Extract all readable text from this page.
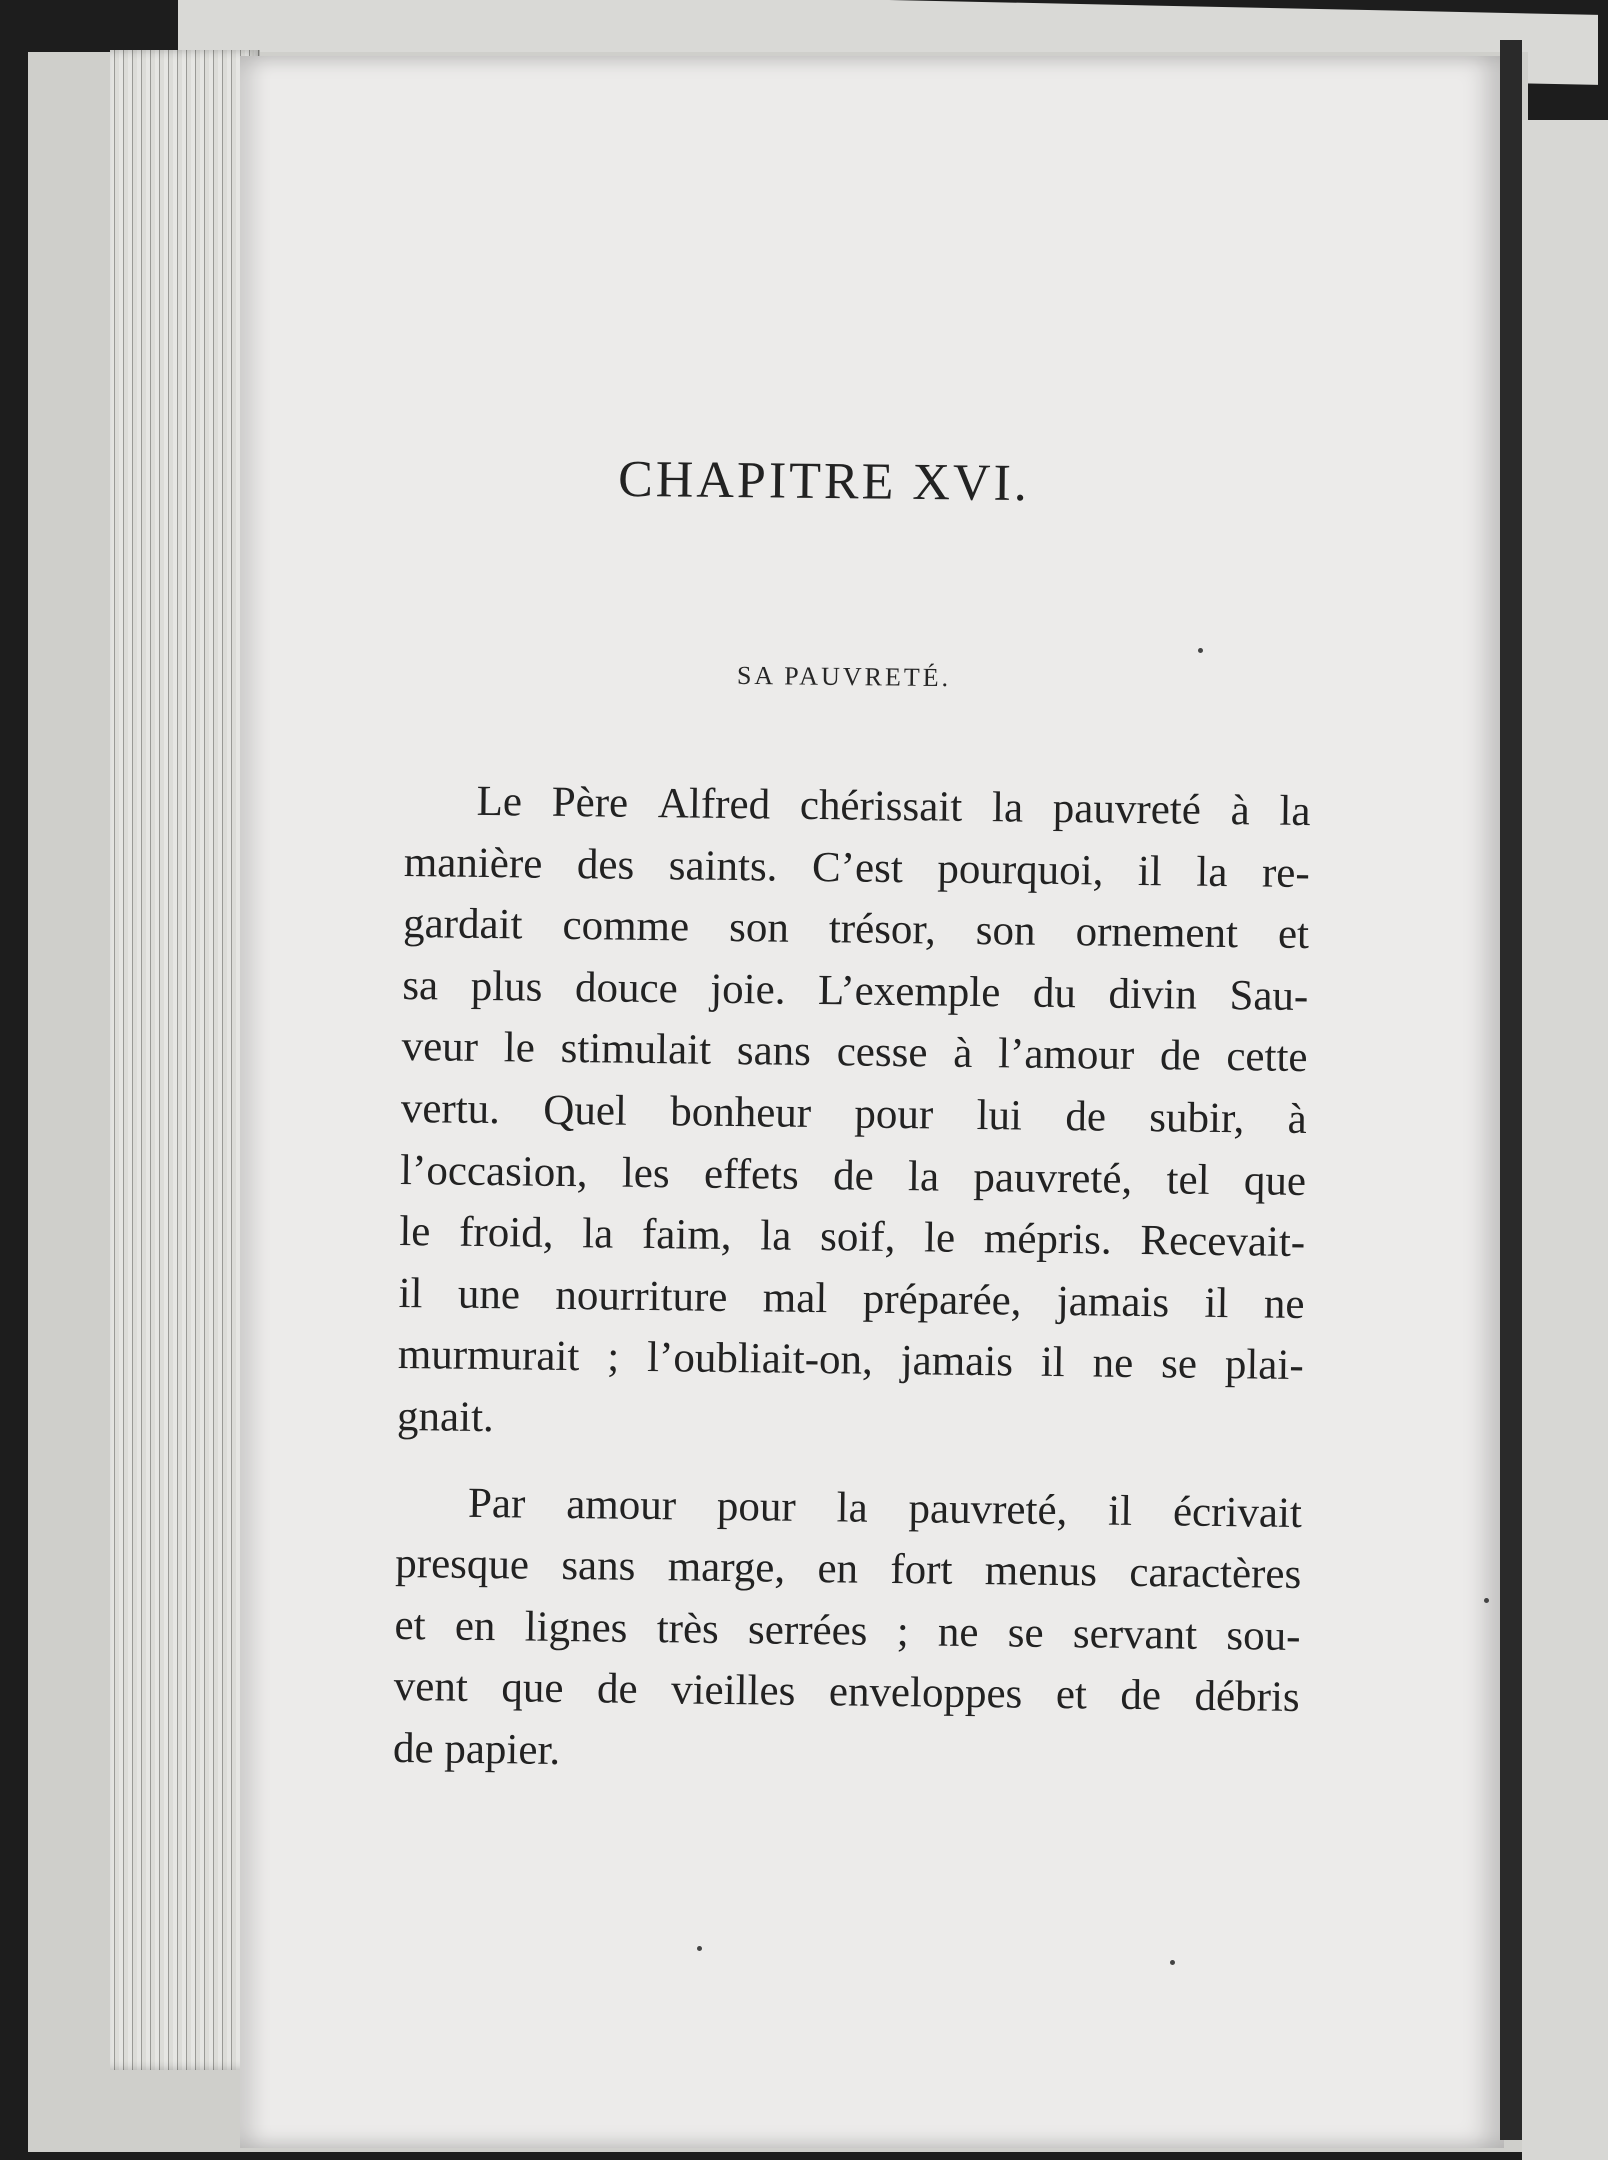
CHAPITRE XVI.
SA PAUVRETÉ.
Le Père Alfred chérissait la pauvreté à la
manière des saints. C’est pourquoi, il la re-
gardait comme son trésor, son ornement et
sa plus douce joie. L’exemple du divin Sau-
veur le stimulait sans cesse à l’amour de cette
vertu. Quel bonheur pour lui de subir, à
l’occasion, les effets de la pauvreté, tel que
le froid, la faim, la soif, le mépris. Recevait-
il une nourriture mal préparée, jamais il ne
murmurait ; l’oubliait-on, jamais il ne se plai-
gnait.
Par amour pour la pauvreté, il écrivait
presque sans marge, en fort menus caractères
et en lignes très serrées ; ne se servant sou-
vent que de vieilles enveloppes et de débris
de papier.
